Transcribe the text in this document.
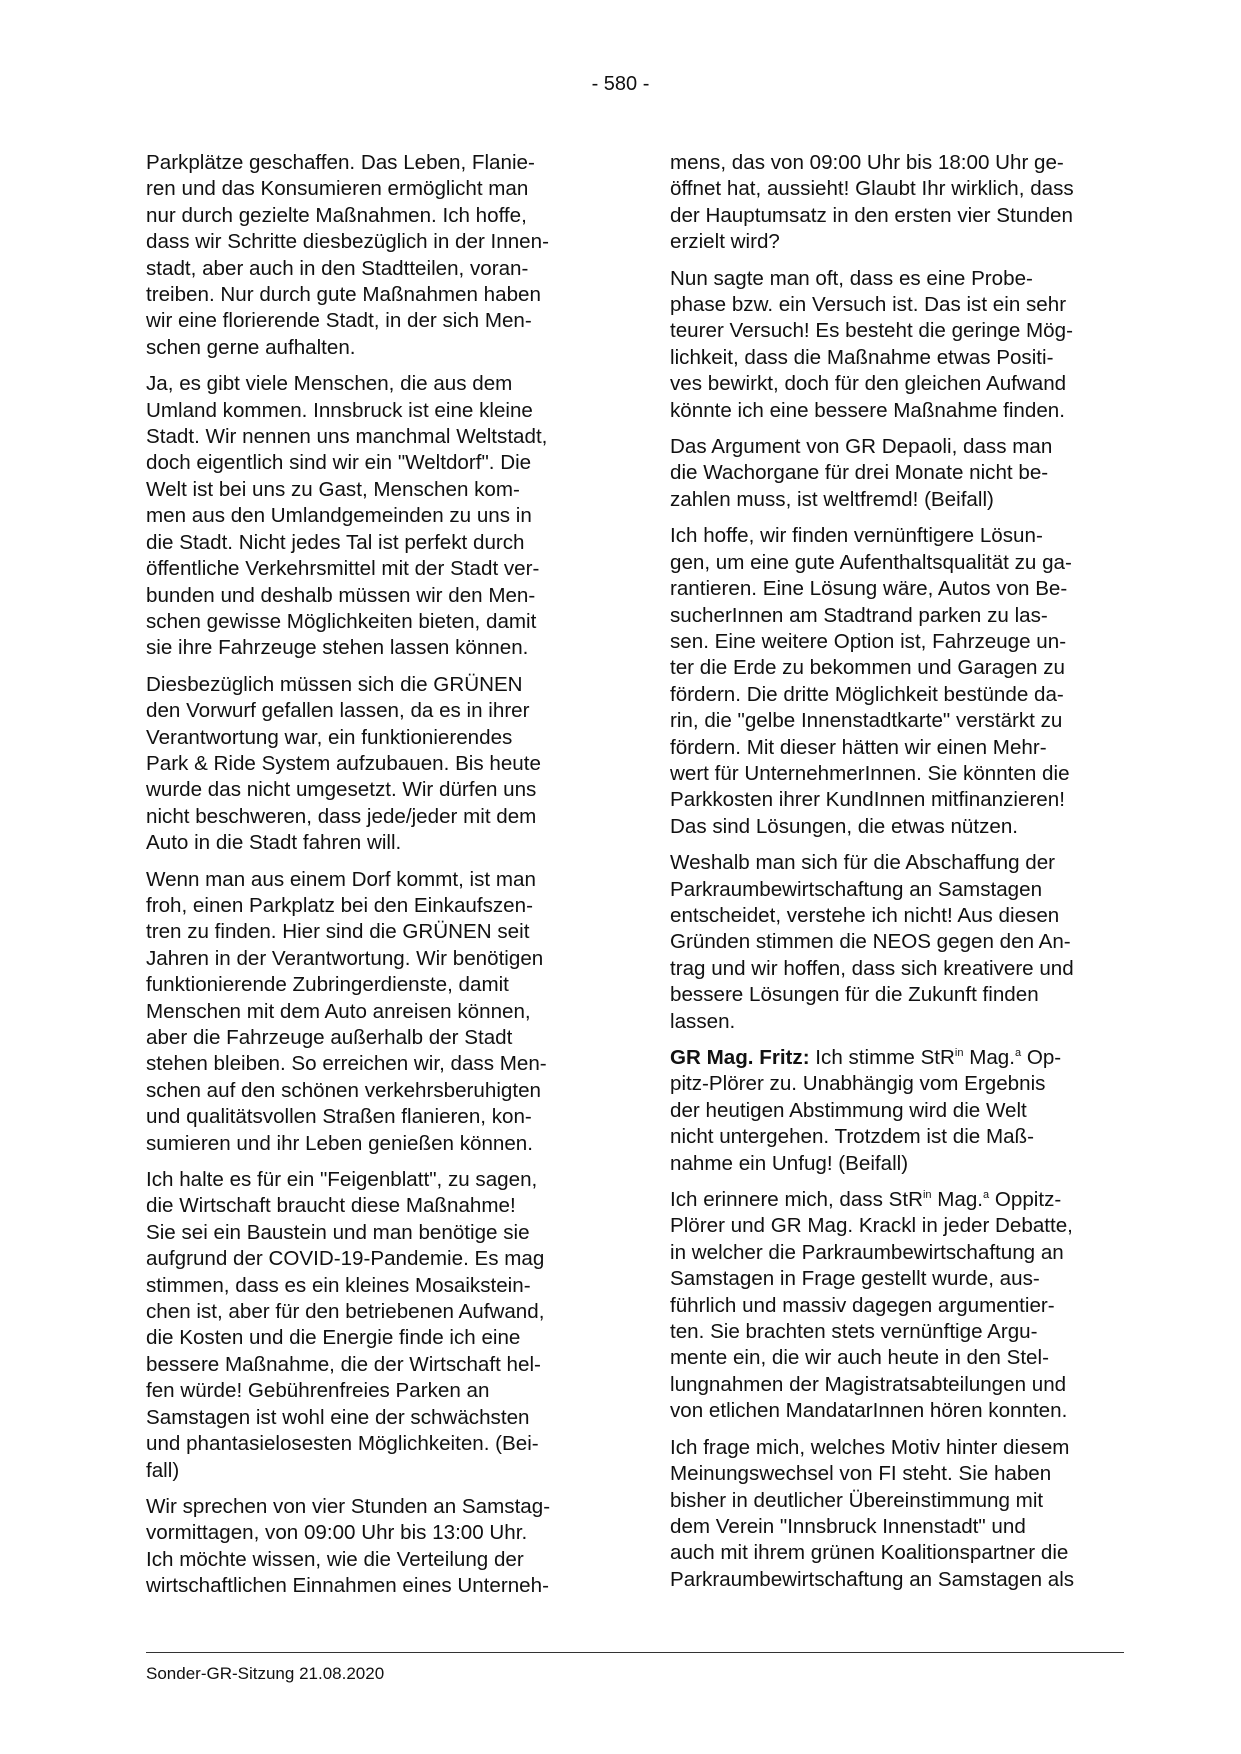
- 580 -

Parkplätze geschaffen. Das Leben, Flanie-
ren und das Konsumieren ermöglicht man
nur durch gezielte Maßnahmen. Ich hoffe,
dass wir Schritte diesbezüglich in der Innen-
stadt, aber auch in den Stadtteilen, voran-
treiben. Nur durch gute Maßnahmen haben
wir eine florierende Stadt, in der sich Men-
schen gerne aufhalten.

Ja, es gibt viele Menschen, die aus dem
Umland kommen. Innsbruck ist eine kleine
Stadt. Wir nennen uns manchmal Weltstadt,
doch eigentlich sind wir ein "Weltdorf". Die
Welt ist bei uns zu Gast, Menschen kom-
men aus den Umlandgemeinden zu uns in
die Stadt. Nicht jedes Tal ist perfekt durch
öffentliche Verkehrsmittel mit der Stadt ver-
bunden und deshalb müssen wir den Men-
schen gewisse Möglichkeiten bieten, damit
sie ihre Fahrzeuge stehen lassen können.

Diesbezüglich müssen sich die GRÜNEN
den Vorwurf gefallen lassen, da es in ihrer
Verantwortung war, ein funktionierendes
Park & Ride System aufzubauen. Bis heute
wurde das nicht umgesetzt. Wir dürfen uns
nicht beschweren, dass jede/jeder mit dem
Auto in die Stadt fahren will.

Wenn man aus einem Dorf kommt, ist man
froh, einen Parkplatz bei den Einkaufszen-
tren zu finden. Hier sind die GRÜNEN seit
Jahren in der Verantwortung. Wir benötigen
funktionierende Zubringerdienste, damit
Menschen mit dem Auto anreisen können,
aber die Fahrzeuge außerhalb der Stadt
stehen bleiben. So erreichen wir, dass Men-
schen auf den schönen verkehrsberuhigten
und qualitätsvollen Straßen flanieren, kon-
sumieren und ihr Leben genießen können.

Ich halte es für ein "Feigenblatt", zu sagen,
die Wirtschaft braucht diese Maßnahme!
Sie sei ein Baustein und man benötige sie
aufgrund der COVID-19-Pandemie. Es mag
stimmen, dass es ein kleines Mosaikstein-
chen ist, aber für den betriebenen Aufwand,
die Kosten und die Energie finde ich eine
bessere Maßnahme, die der Wirtschaft hel-
fen würde! Gebührenfreies Parken an
Samstagen ist wohl eine der schwächsten
und phantasielosesten Möglichkeiten. (Bei-
fall)

Wir sprechen von vier Stunden an Samstag-
vormittagen, von 09:00 Uhr bis 13:00 Uhr.
Ich möchte wissen, wie die Verteilung der
wirtschaftlichen Einnahmen eines Unterneh-

mens, das von 09:00 Uhr bis 18:00 Uhr ge-
öffnet hat, aussieht! Glaubt Ihr wirklich, dass
der Hauptumsatz in den ersten vier Stunden
erzielt wird?

Nun sagte man oft, dass es eine Probe-
phase bzw. ein Versuch ist. Das ist ein sehr
teurer Versuch! Es besteht die geringe Mög-
lichkeit, dass die Maßnahme etwas Positi-
ves bewirkt, doch für den gleichen Aufwand
könnte ich eine bessere Maßnahme finden.

Das Argument von GR Depaoli, dass man
die Wachorgane für drei Monate nicht be-
zahlen muss, ist weltfremd! (Beifall)

Ich hoffe, wir finden vernünftigere Lösun-
gen, um eine gute Aufenthaltsqualität zu ga-
rantieren. Eine Lösung wäre, Autos von Be-
sucherInnen am Stadtrand parken zu las-
sen. Eine weitere Option ist, Fahrzeuge un-
ter die Erde zu bekommen und Garagen zu
fördern. Die dritte Möglichkeit bestünde da-
rin, die "gelbe Innenstadtkarte" verstärkt zu
fördern. Mit dieser hätten wir einen Mehr-
wert für UnternehmerInnen. Sie könnten die
Parkkosten ihrer KundInnen mitfinanzieren!
Das sind Lösungen, die etwas nützen.

Weshalb man sich für die Abschaffung der
Parkraumbewirtschaftung an Samstagen
entscheidet, verstehe ich nicht! Aus diesen
Gründen stimmen die NEOS gegen den An-
trag und wir hoffen, dass sich kreativere und
bessere Lösungen für die Zukunft finden
lassen.

GR Mag. Fritz: Ich stimme StR$^{in}$ Mag.$^a$ Op-
pitz-Plörer zu. Unabhängig vom Ergebnis
der heutigen Abstimmung wird die Welt
nicht untergehen. Trotzdem ist die Maß-
nahme ein Unfug! (Beifall)

Ich erinnere mich, dass StR$^{in}$ Mag.$^a$ Oppitz-
Plörer und GR Mag. Krackl in jeder Debatte,
in welcher die Parkraumbewirtschaftung an
Samstagen in Frage gestellt wurde, aus-
führlich und massiv dagegen argumentier-
ten. Sie brachten stets vernünftige Argu-
mente ein, die wir auch heute in den Stel-
lungnahmen der Magistratsabteilungen und
von etlichen MandatarInnen hören konnten.

Ich frage mich, welches Motiv hinter diesem
Meinungswechsel von FI steht. Sie haben
bisher in deutlicher Übereinstimmung mit
dem Verein "Innsbruck Innenstadt" und
auch mit ihrem grünen Koalitionspartner die
Parkraumbewirtschaftung an Samstagen als

Sonder-GR-Sitzung 21.08.2020
